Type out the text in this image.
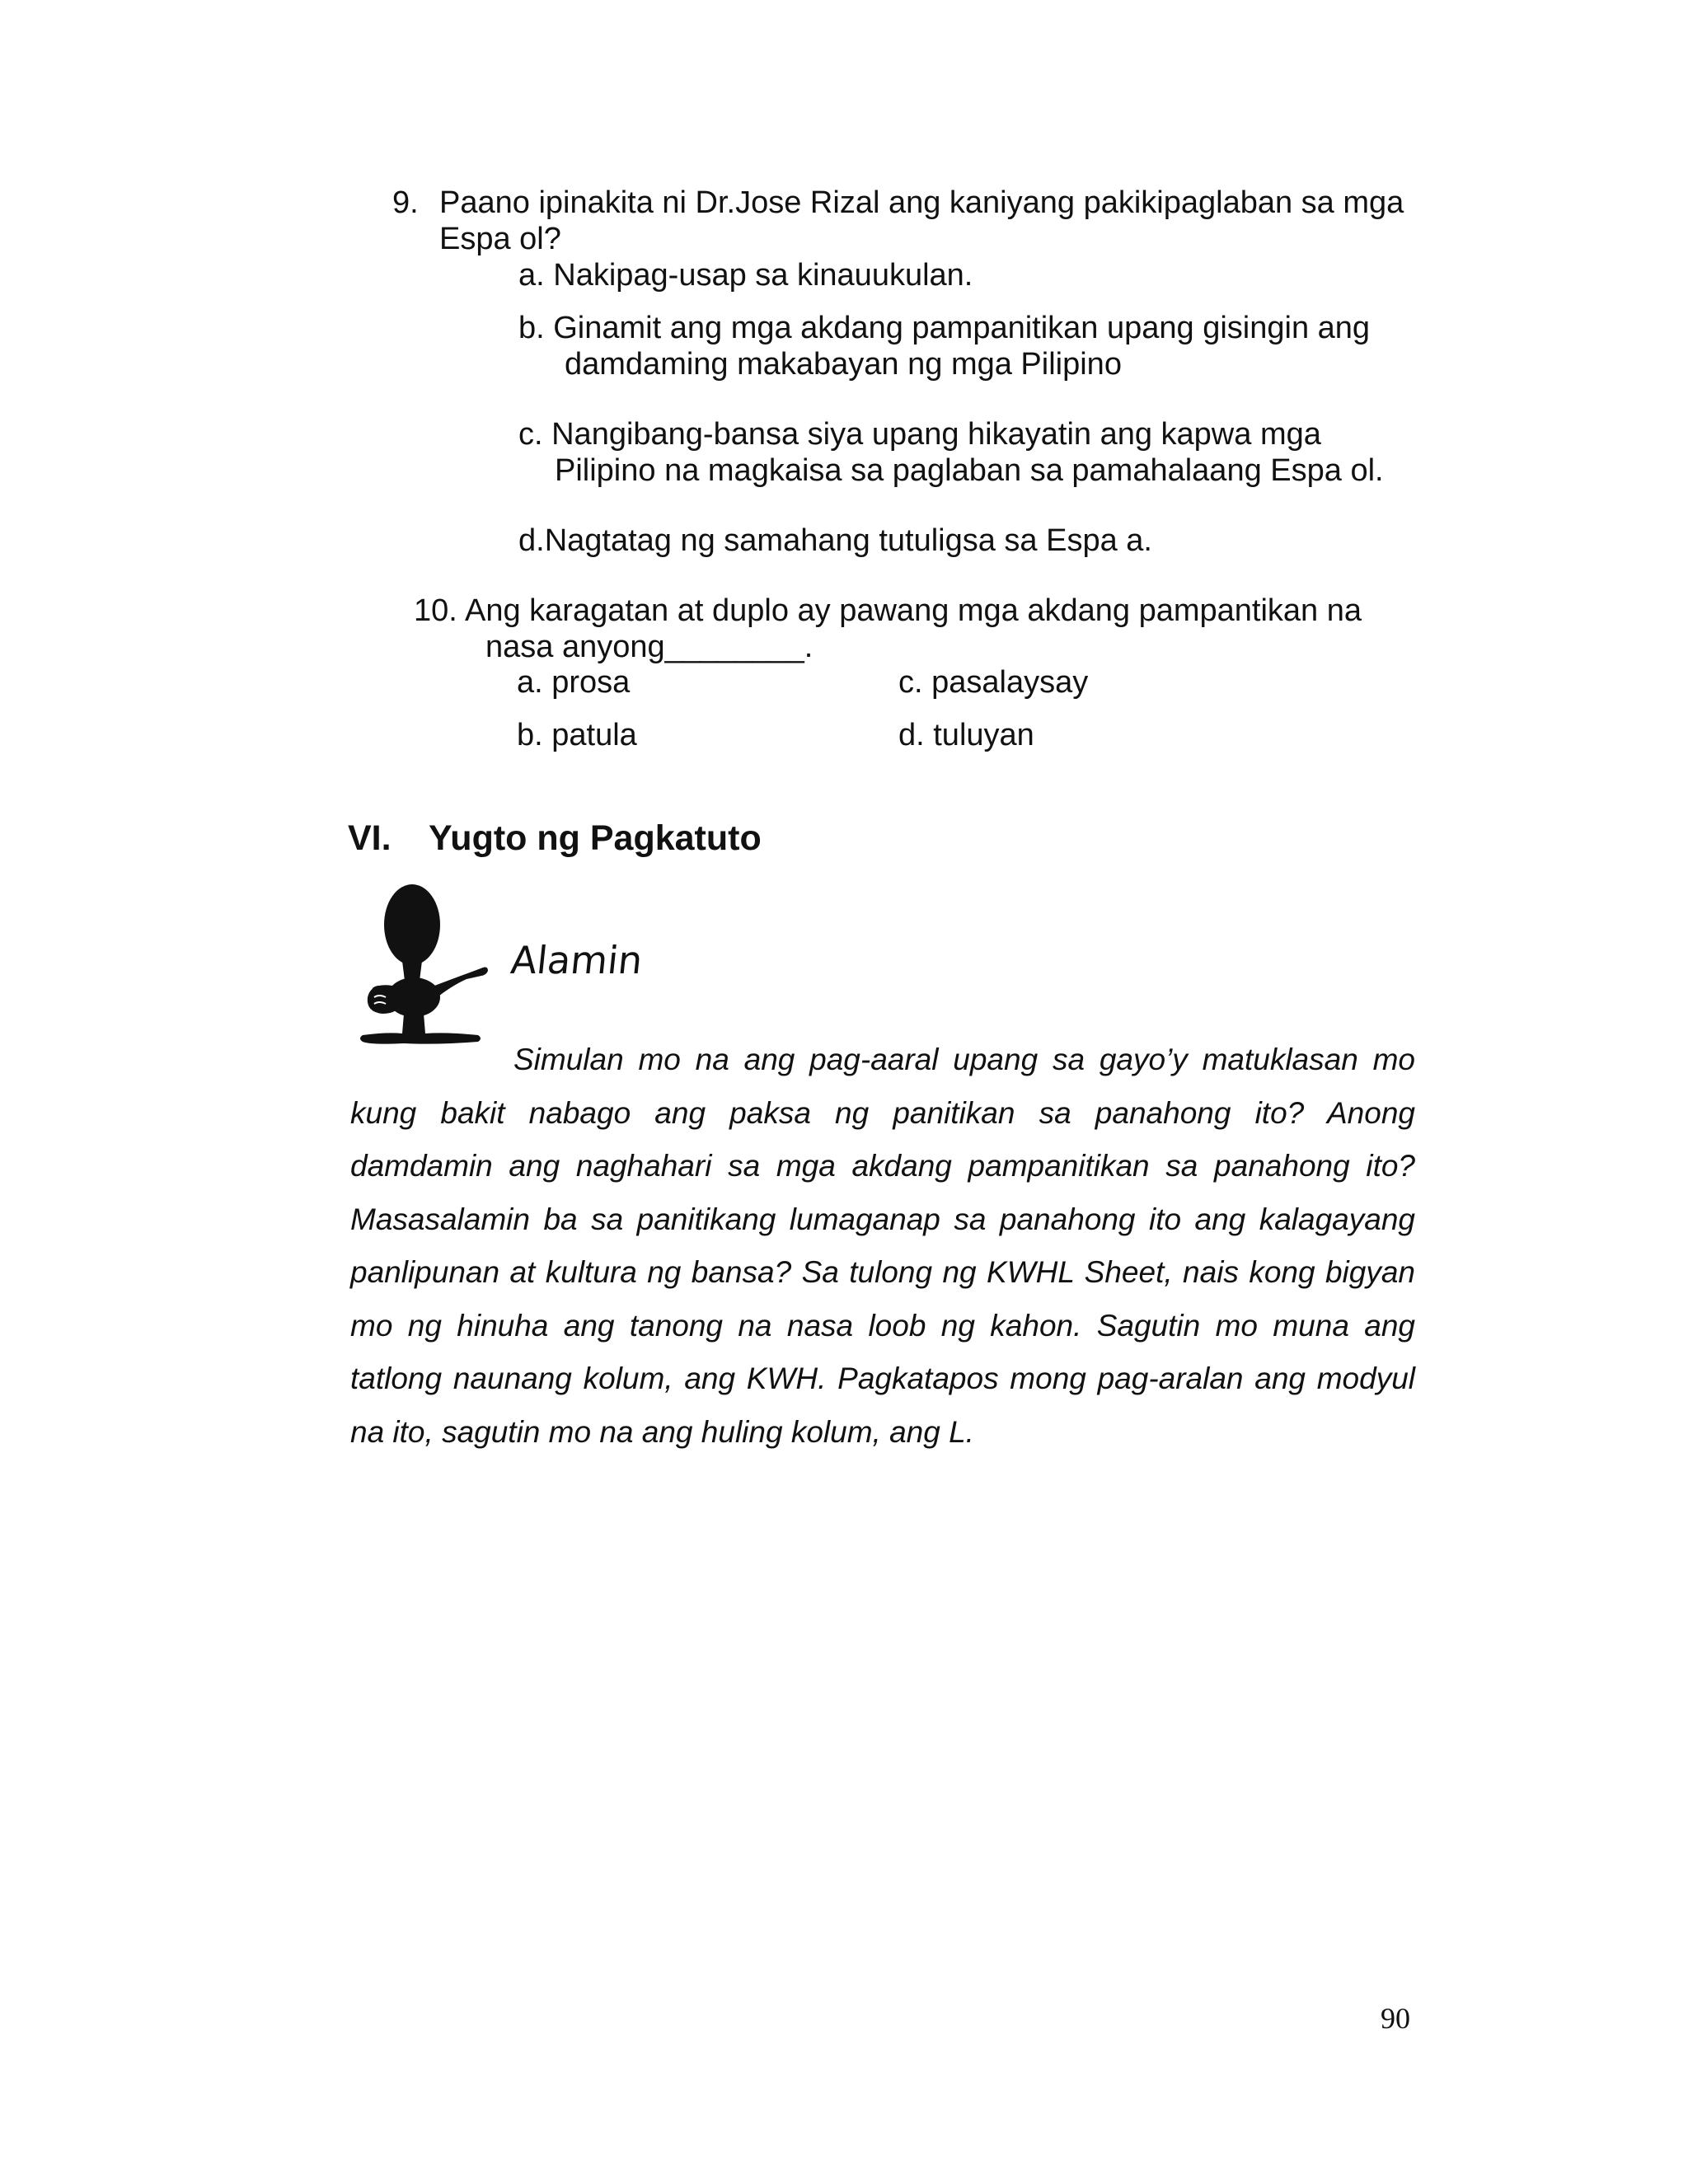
9. Paano ipinakita ni Dr.Jose Rizal ang kaniyang pakikipaglaban sa mga
Espa ol?
a. Nakipag-usap sa kinauukulan.
b. Ginamit ang mga akdang pampanitikan upang gisingin ang
damdaming makabayan ng mga Pilipino
c. Nangibang-bansa siya upang hikayatin ang kapwa mga
Pilipino na magkaisa sa paglaban sa pamahalaang Espa ol.
d.Nagtatag ng samahang tutuligsa sa Espa a.
10. Ang karagatan at duplo ay pawang mga akdang pampantikan na
nasa anyong________.
a. prosa	c. pasalaysay
b. patula	d. tuluyan
VI. Yugto ng Pagkatuto
Alamin
Simulan mo na ang pag-aaral upang sa gayo’y matuklasan mo
kung bakit nabago ang paksa ng panitikan sa panahong ito? Anong
damdamin ang naghahari sa mga akdang pampanitikan sa panahong ito?
Masasalamin ba sa panitikang lumaganap sa panahong ito ang kalagayang
panlipunan at kultura ng bansa? Sa tulong ng KWHL Sheet, nais kong bigyan
mo ng hinuha ang tanong na nasa loob ng kahon. Sagutin mo muna ang
tatlong naunang kolum, ang KWH. Pagkatapos mong pag-aralan ang modyul
na ito, sagutin mo na ang huling kolum, ang L.
90
